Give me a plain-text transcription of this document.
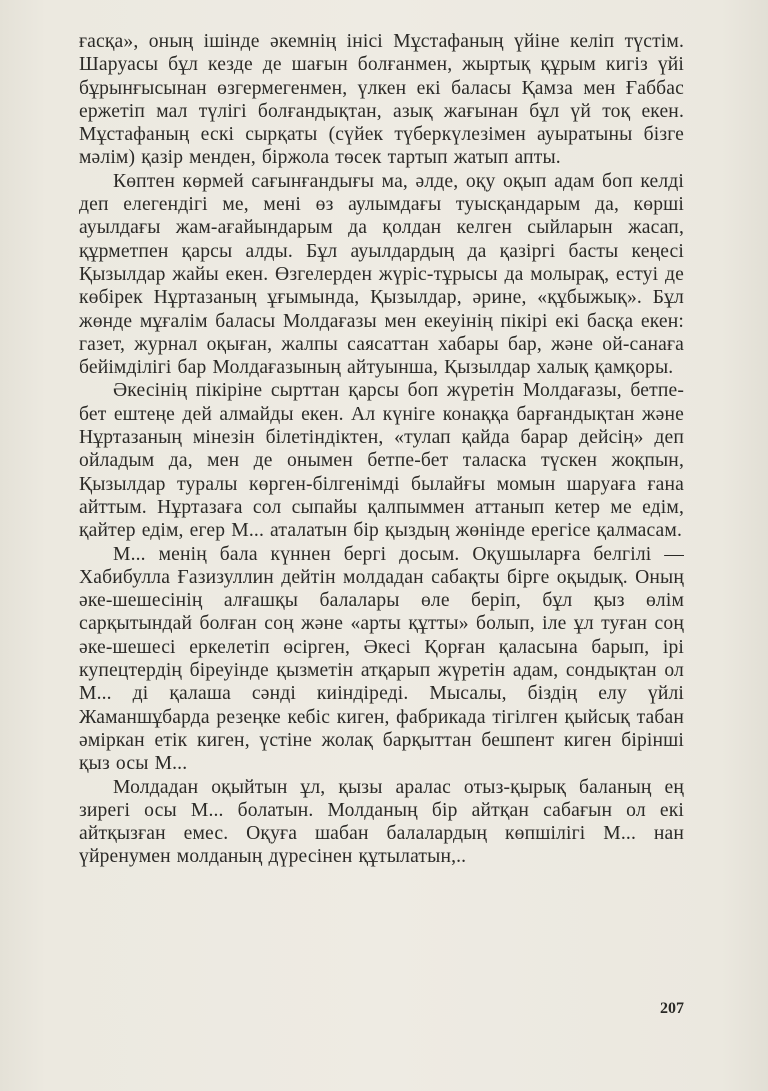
ғасқа», оның ішінде әкемнің інісі Мұстафаның үйіне келіп түстім. Шаруасы бұл кезде де шағын болғанмен, жыртық құрым кигіз үйі бұрынғысынан өзгермегенмен, үлкен екі баласы Қамза мен Ғаббас ержетіп мал түлігі болғандықтан, азық жағынан бұл үй тоқ екен. Мұстафаның ескі сырқаты (сүйек түберкүлезімен ауыратыны бізге мәлім) қазір менден, біржола төсек тартып жатып апты.

Көптен көрмей сағынғандығы ма, әлде, оқу оқып адам боп келді деп елегендігі ме, мені өз аулымдағы туысқандарым да, көрші ауылдағы жам-ағайындарым да қолдан келген сыйларын жасап, құрметпен қарсы алды. Бұл ауылдардың да қазіргі басты кеңесі Қызылдар жайы екен. Өзгелерден жүріс-тұрысы да молырақ, естуі де көбірек Нұртазаның ұғымында, Қызылдар, әрине, «құбыжық». Бұл жөнде мұғалім баласы Молдағазы мен екеуінің пікірі екі басқа екен: газет, журнал оқыған, жалпы саясаттан хабары бар, және ой-санаға бейімділігі бар Молдағазының айтуынша, Қызылдар халық қамқоры.

Әкесінің пікіріне сырттан қарсы боп жүретін Молдағазы, бетпе-бет ештеңе дей алмайды екен. Ал күніге конаққа барғандықтан және Нұртазаның мінезін білетіндіктен, «тулап қайда барар дейсің» деп ойладым да, мен де онымен бетпе-бет таласка түскен жоқпын, Қызылдар туралы көрген-білгенімді былайғы момын шаруаға ғана айттым. Нұртазаға сол сыпайы қалпыммен аттанып кетер ме едім, қайтер едім, егер М... аталатын бір қыздың жөнінде ерегісе қалмасам.

М... менің бала күннен бергі досым. Оқушыларға белгілі — Хабибулла Ғазизуллин дейтін молдадан сабақты бірге оқыдық. Оның әке-шешесінің алғашқы балалары өле беріп, бұл қыз өлім сарқытындай болған соң және «арты құтты» болып, іле ұл туған соң әке-шешесі еркелетіп өсірген, Әкесі Қорған қаласына барып, ірі купецтердің біреуінде қызметін атқарып жүретін адам, сондықтан ол М... ді қалаша сәнді киіндіреді. Мысалы, біздің елу үйлі Жаманшұбарда резеңке кебіс киген, фабрикада тігілген қыйсық табан әміркан етік киген, үстіне жолақ барқыттан бешпент киген бірінші қыз осы М...

Молдадан оқыйтын ұл, қызы аралас отыз-қырық баланың ең зирегі осы М... болатын. Молданың бір айтқан сабағын ол екі айтқызған емес. Оқуға шабан балалардың көпшілігі М... нан үйренумен молданың дүресінен құтылатын,..

207
